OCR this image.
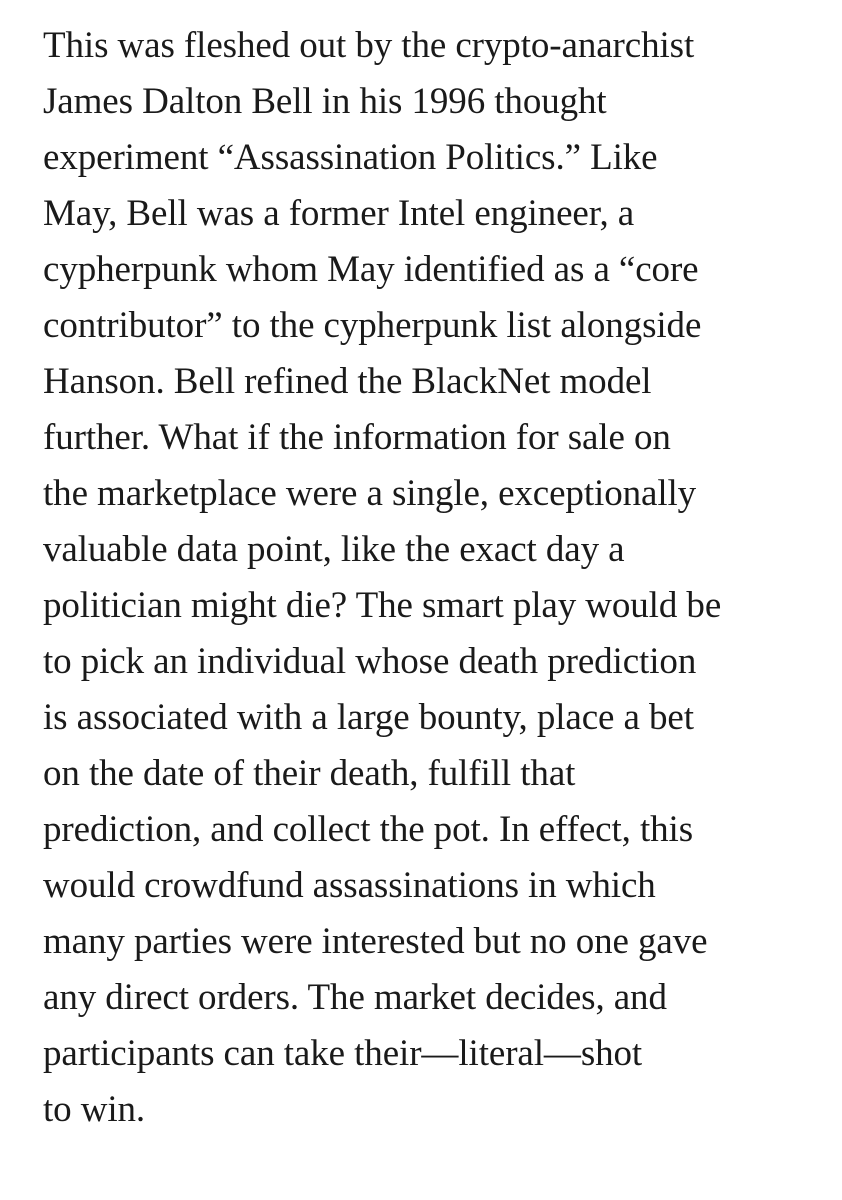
This was fleshed out by the crypto-anarchist
James Dalton Bell in his 1996 thought
experiment “Assassination Politics.” Like
May, Bell was a former Intel engineer, a
cypherpunk whom May identified as a “core
contributor” to the cypherpunk list alongside
Hanson. Bell refined the BlackNet model
further. What if the information for sale on
the marketplace were a single, exceptionally
valuable data point, like the exact day a
politician might die? The smart play would be
to pick an individual whose death prediction
is associated with a large bounty, place a bet
on the date of their death, fulfill that
prediction, and collect the pot. In effect, this
would crowdfund assassinations in which
many parties were interested but no one gave
any direct orders. The market decides, and
participants can take their—literal—shot
to win.
